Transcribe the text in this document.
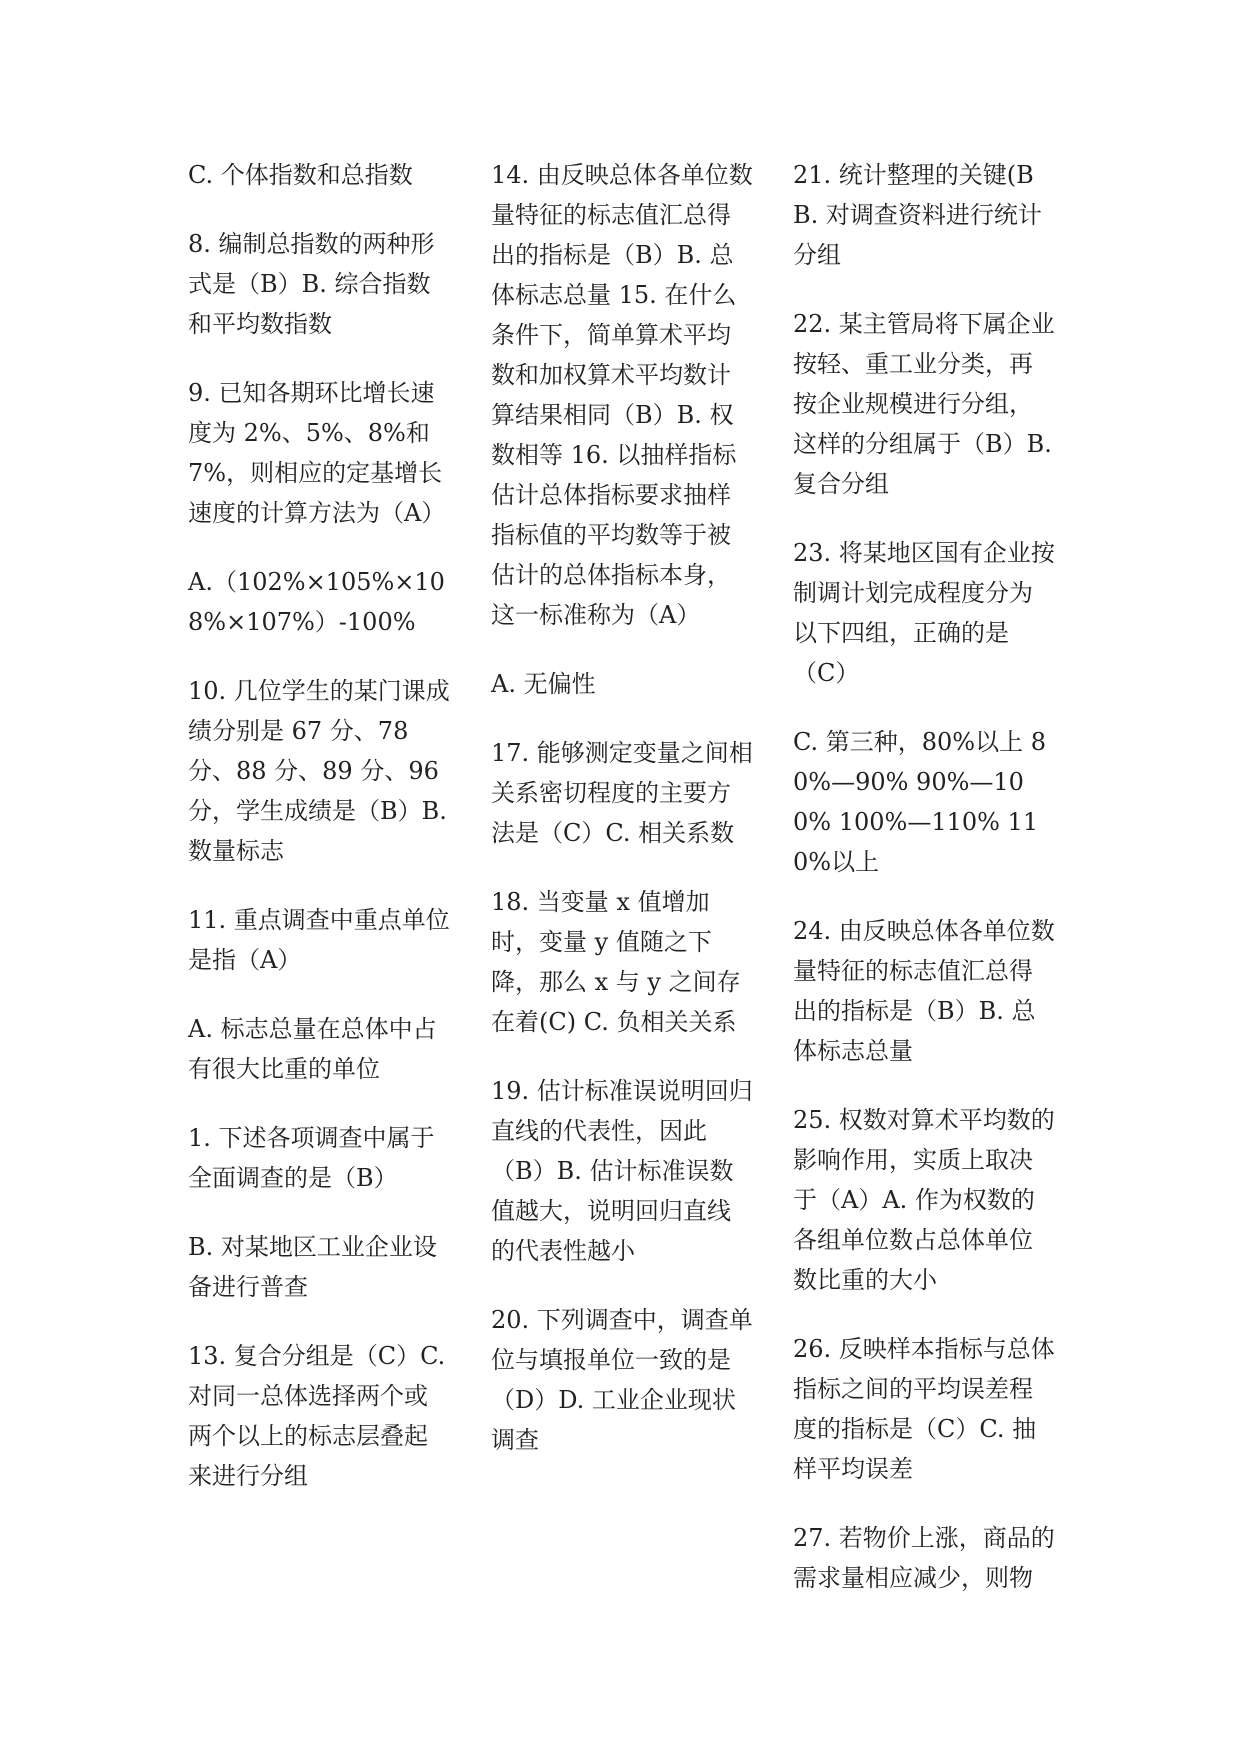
C. 个体指数和总指数

8. 编制总指数的两种形式是（B）B. 综合指数和平均数指数

9. 已知各期环比增长速度为 2%、5%、8%和 7%，则相应的定基增长速度的计算方法为（A）

A.（102%×105%×108%×107%）-100%

10. 几位学生的某门课成绩分别是 67 分、78 分、88 分、89 分、96 分，学生成绩是（B）B. 数量标志

11. 重点调查中重点单位是指（A）

A. 标志总量在总体中占有很大比重的单位

1. 下述各项调查中属于全面调查的是（B）

B. 对某地区工业企业设备进行普查

13. 复合分组是（C）C. 对同一总体选择两个或两个以上的标志层叠起来进行分组

14. 由反映总体各单位数量特征的标志值汇总得出的指标是（B）B. 总体标志总量 15. 在什么条件下，简单算术平均数和加权算术平均数计算结果相同（B）B. 权数相等 16. 以抽样指标估计总体指标要求抽样指标值的平均数等于被估计的总体指标本身，这一标准称为（A）

A. 无偏性

17. 能够测定变量之间相关系密切程度的主要方法是（C）C. 相关系数

18. 当变量 x 值增加时，变量 y 值随之下降，那么 x 与 y 之间存在着(C) C. 负相关关系

19. 估计标准误说明回归直线的代表性，因此（B）B. 估计标准误数值越大，说明回归直线的代表性越小

20. 下列调查中，调查单位与填报单位一致的是（D）D. 工业企业现状调查

21. 统计整理的关键(B B. 对调查资料进行统计分组

22. 某主管局将下属企业按轻、重工业分类，再按企业规模进行分组，这样的分组属于（B）B. 复合分组

23. 将某地区国有企业按制调计划完成程度分为以下四组，正确的是（C）

C. 第三种，80%以上 80%—90% 90%—100% 100%—110% 110%以上

24. 由反映总体各单位数量特征的标志值汇总得出的指标是（B）B. 总体标志总量

25. 权数对算术平均数的影响作用，实质上取决于（A）A. 作为权数的各组单位数占总体单位数比重的大小

26. 反映样本指标与总体指标之间的平均误差程度的指标是（C）C. 抽样平均误差

27. 若物价上涨，商品的需求量相应减少，则物
